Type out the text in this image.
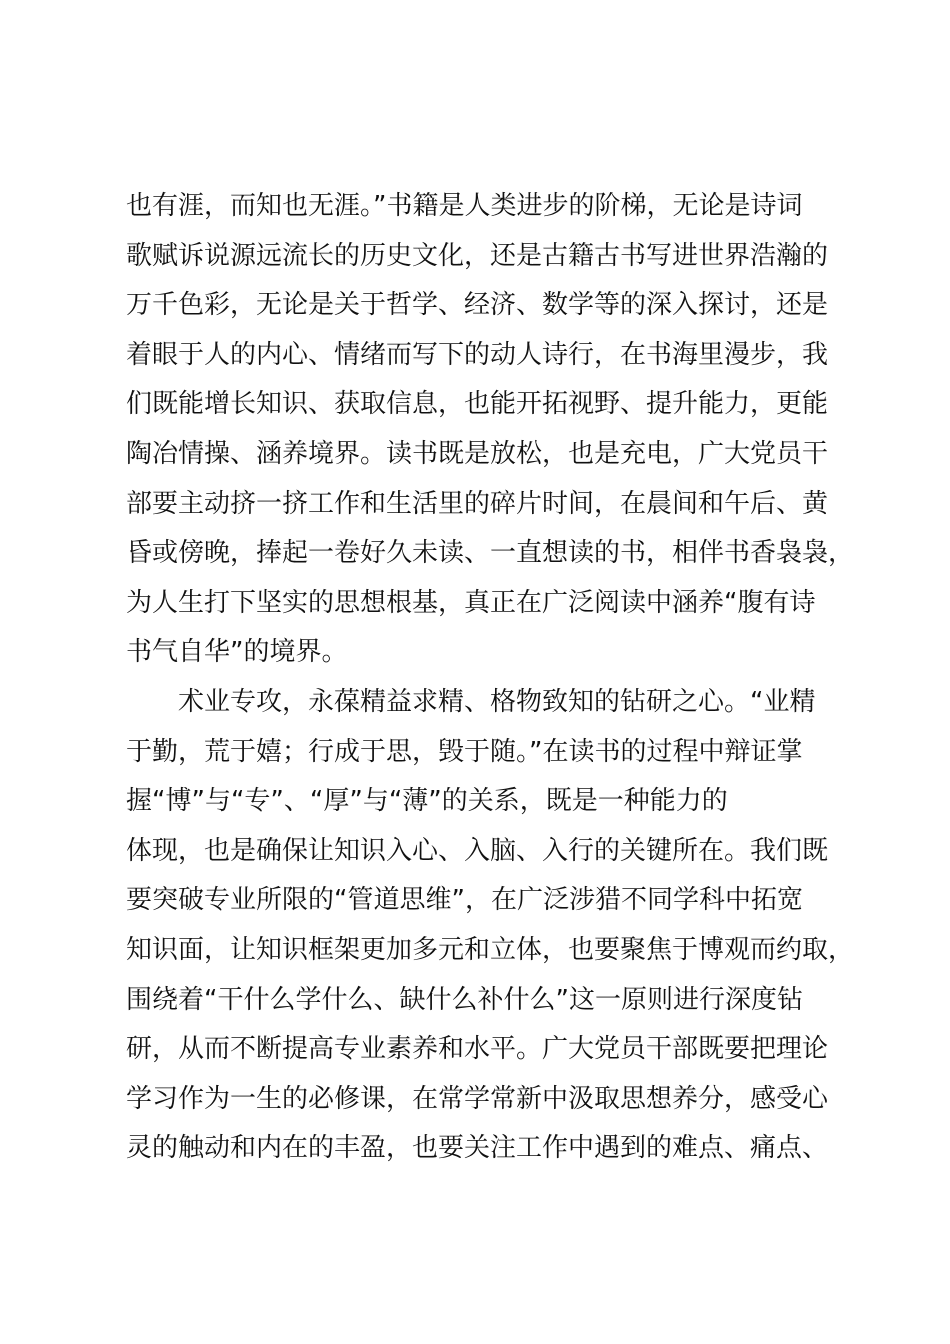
也有涯，而知也无涯。”书籍是人类进步的阶梯，无论是诗词
歌赋诉说源远流长的历史文化，还是古籍古书写进世界浩瀚的
万千色彩，无论是关于哲学、经济、数学等的深入探讨，还是
着眼于人的内心、情绪而写下的动人诗行，在书海里漫步，我
们既能增长知识、获取信息，也能开拓视野、提升能力，更能
陶冶情操、涵养境界。读书既是放松，也是充电，广大党员干
部要主动挤一挤工作和生活里的碎片时间，在晨间和午后、黄
昏或傍晚，捧起一卷好久未读、一直想读的书，相伴书香袅袅，
为人生打下坚实的思想根基，真正在广泛阅读中涵养“腹有诗
书气自华”的境界。
术业专攻，永葆精益求精、格物致知的钻研之心。“业精
于勤，荒于嬉；行成于思，毁于随。”在读书的过程中辩证掌
握“博”与“专”、“厚”与“薄”的关系，既是一种能力的
体现，也是确保让知识入心、入脑、入行的关键所在。我们既
要突破专业所限的“管道思维”，在广泛涉猎不同学科中拓宽
知识面，让知识框架更加多元和立体，也要聚焦于博观而约取，
围绕着“干什么学什么、缺什么补什么”这一原则进行深度钻
研，从而不断提高专业素养和水平。广大党员干部既要把理论
学习作为一生的必修课，在常学常新中汲取思想养分，感受心
灵的触动和内在的丰盈，也要关注工作中遇到的难点、痛点、
